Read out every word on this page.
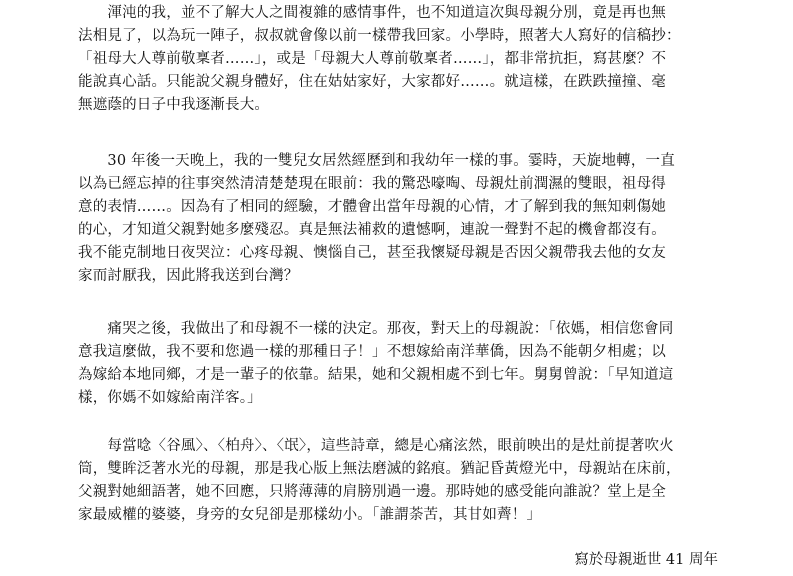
　　渾沌的我，並不了解大人之間複雜的感情事件，也不知道這次與母親分別，竟是再也無
法相見了，以為玩一陣子，叔叔就會像以前一樣帶我回家。小學時，照著大人寫好的信稿抄：
「祖母大人尊前敬稟者……」，或是「母親大人尊前敬稟者……」，都非常抗拒，寫甚麼？不
能說真心話。只能說父親身體好，住在姑姑家好，大家都好……。就這樣，在跌跌撞撞、毫
無遮蔭的日子中我逐漸長大。
　　30 年後一天晚上，我的一雙兒女居然經歷到和我幼年一樣的事。霎時，天旋地轉，一直
以為已經忘掉的往事突然清清楚楚現在眼前：我的驚恐嚎啕、母親灶前潤濕的雙眼，祖母得
意的表情……。因為有了相同的經驗，才體會出當年母親的心情，才了解到我的無知刺傷她
的心，才知道父親對她多麼殘忍。真是無法補救的遺憾啊，連說一聲對不起的機會都沒有。
我不能克制地日夜哭泣：心疼母親、懊惱自己，甚至我懷疑母親是否因父親帶我去他的女友
家而討厭我，因此將我送到台灣？
　　痛哭之後，我做出了和母親不一樣的決定。那夜，對天上的母親說：「依媽，相信您會同
意我這麼做，我不要和您過一樣的那種日子！」不想嫁給南洋華僑，因為不能朝夕相處；以
為嫁給本地同鄉，才是一輩子的依靠。結果，她和父親相處不到七年。舅舅曾說：「早知道這
樣，你媽不如嫁給南洋客。」
　　每當唸〈谷風〉、〈柏舟〉、〈氓〉，這些詩章，總是心痛泫然，眼前映出的是灶前提著吹火
筒，雙眸泛著水光的母親，那是我心版上無法磨滅的銘痕。猶記昏黃燈光中，母親站在床前，
父親對她細語著，她不回應，只將薄薄的肩膀別過一邊。那時她的感受能向誰說？堂上是全
家最威權的婆婆，身旁的女兒卻是那樣幼小。「誰謂荼苦，其甘如薺！」
寫於母親逝世 41 周年
